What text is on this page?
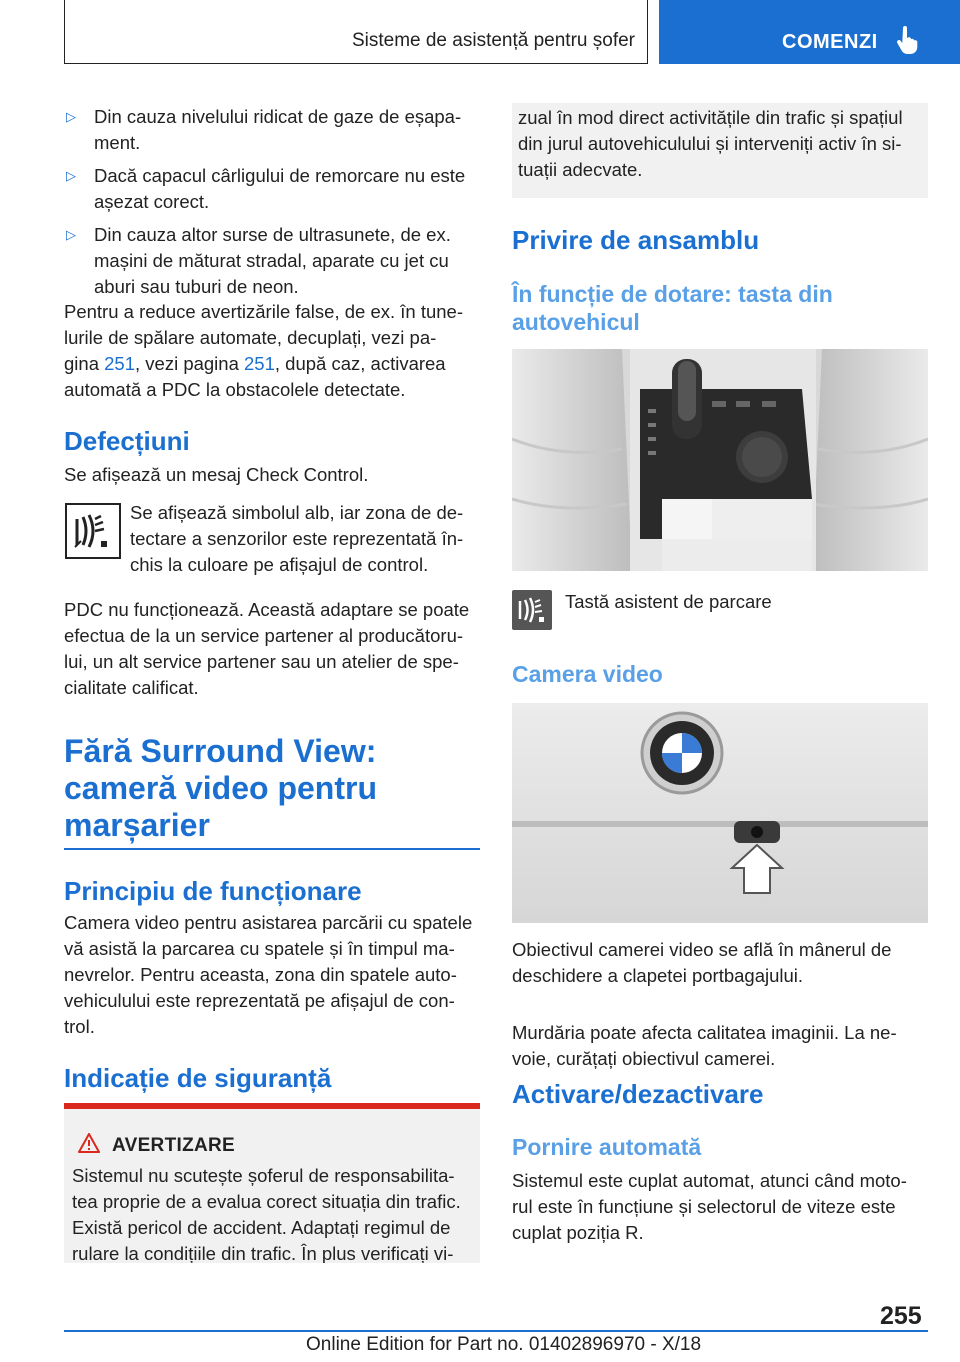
Sisteme de asistență pentru șofer	COMENZI
▷ Din cauza nivelului ridicat de gaze de eșapa-
ment.
▷ Dacă capacul cârligului de remorcare nu este
așezat corect.
▷ Din cauza altor surse de ultrasunete, de ex.
mașini de măturat stradal, aparate cu jet cu
aburi sau tuburi de neon.
Pentru a reduce avertizările false, de ex. în tune-
lurile de spălare automate, decuplați, vezi pa-
gina 251, vezi pagina 251, după caz, activarea
automată a PDC la obstacolele detectate.
Defecțiuni
Se afișează un mesaj Check Control.
Se afișează simbolul alb, iar zona de de-
tectare a senzorilor este reprezentată în-
chis la culoare pe afișajul de control.
PDC nu funcționează. Această adaptare se poate
efectua de la un service partener al producătoru-
lui, un alt service partener sau un atelier de spe-
cialitate calificat.
Fără Surround View:
cameră video pentru
marșarier
Principiu de funcționare
Camera video pentru asistarea parcării cu spatele
vă asistă la parcarea cu spatele și în timpul ma-
nevrelor. Pentru aceasta, zona din spatele auto-
vehiculului este reprezentată pe afișajul de con-
trol.
Indicație de siguranță
AVERTIZARE
Sistemul nu scutește șoferul de responsabilita-
tea proprie de a evalua corect situația din trafic.
Există pericol de accident. Adaptați regimul de
rulare la condițiile din trafic. În plus verificați vi-
zual în mod direct activitățile din trafic și spațiul
din jurul autovehiculului și interveniți activ în si-
tuații adecvate.
Privire de ansamblu
În funcție de dotare: tasta din
autovehicul
Tastă asistent de parcare
Camera video
Obiectivul camerei video se află în mânerul de
deschidere a clapetei portbagajului.
Murdăria poate afecta calitatea imaginii. La ne-
voie, curățați obiectivul camerei.
Activare/dezactivare
Pornire automată
Sistemul este cuplat automat, atunci când moto-
rul este în funcțiune și selectorul de viteze este
cuplat poziția R.
255
Online Edition for Part no. 01402896970 - X/18
